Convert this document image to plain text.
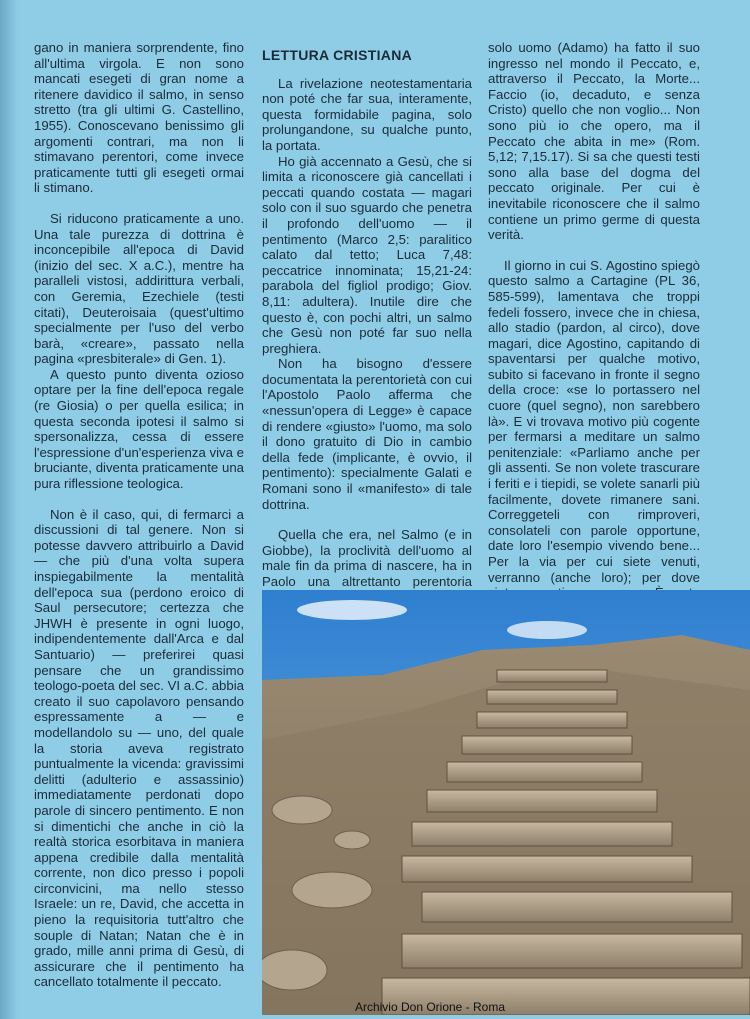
gano in maniera sorprendente, fino all'ultima virgola. E non sono mancati esegeti di gran nome a ritenere davidico il salmo, in senso stretto (tra gli ultimi G. Castellino, 1955). Conoscevano benissimo gli argomenti contrari, ma non li stimavano perentori, come invece praticamente tutti gli esegeti ormai li stimano.

Si riducono praticamente a uno. Una tale purezza di dottrina è inconcepibile all'epoca di David (inizio del sec. X a.C.), mentre ha paralleli vistosi, addirittura verbali, con Geremia, Ezechiele (testi citati), Deuteroisaia (quest'ultimo specialmente per l'uso del verbo barà, «creare», passato nella pagina «presbiterale» di Gen. 1).

A questo punto diventa ozioso optare per la fine dell'epoca regale (re Giosia) o per quella esilica; in questa seconda ipotesi il salmo si spersonalizza, cessa di essere l'espressione d'un'esperienza viva e bruciante, diventa praticamente una pura riflessione teologica.

Non è il caso, qui, di fermarci a discussioni di tal genere. Non si potesse davvero attribuirlo a David — che più d'una volta supera inspiegabilmente la mentalità dell'epoca sua (perdono eroico di Saul persecutore; certezza che JHWH è presente in ogni luogo, indipendentemente dall'Arca e dal Santuario) — preferirei quasi pensare che un grandissimo teologo-poeta del sec. VI a.C. abbia creato il suo capolavoro pensando espressamente a — e modellandolo su — uno, del quale la storia aveva registrato puntualmente la vicenda: gravissimi delitti (adulterio e assassinio) immediatamente perdonati dopo parole di sincero pentimento. E non si dimentichi che anche in ciò la realtà storica esorbitava in maniera appena credibile dalla mentalità corrente, non dico presso i popoli circonvicini, ma nello stesso Israele: un re, David, che accetta in pieno la requisitoria tutt'altro che souple di Natan; Natan che è in grado, mille anni prima di Gesù, di assicurare che il pentimento ha cancellato totalmente il peccato.

LETTURA CRISTIANA

La rivelazione neotestamentaria non poté che far sua, interamente, questa formidabile pagina, solo prolungandone, su qualche punto, la portata.

Ho già accennato a Gesù, che si limita a riconoscere già cancellati i peccati quando costata — magari solo con il suo sguardo che penetra il profondo dell'uomo — il pentimento (Marco 2,5: paralitico calato dal tetto; Luca 7,48: peccatrice innominata; 15,21-24: parabola del figliol prodigo; Giov. 8,11: adultera). Inutile dire che questo è, con pochi altri, un salmo che Gesù non poté far suo nella preghiera.

Non ha bisogno d'essere documentata la perentorietà con cui l'Apostolo Paolo afferma che «nessun'opera di Legge» è capace di rendere «giusto» l'uomo, ma solo il dono gratuito di Dio in cambio della fede (implicante, è ovvio, il pentimento): specialmente Galati e Romani sono il «manifesto» di tale dottrina.

Quella che era, nel Salmo (e in Giobbe), la proclività dell'uomo al male fin da prima di nascere, ha in Paolo una altrettanto perentoria

solo uomo (Adamo) ha fatto il suo ingresso nel mondo il Peccato, e, attraverso il Peccato, la Morte... Faccio (io, decaduto, e senza Cristo) quello che non voglio... Non sono più io che opero, ma il Peccato che abita in me» (Rom. 5,12; 7,15.17). Si sa che questi testi sono alla base del dogma del peccato originale. Per cui è inevitabile riconoscere che il salmo contiene un primo germe di questa verità.

Il giorno in cui S. Agostino spiegò questo salmo a Cartagine (PL 36, 585-599), lamentava che troppi fedeli fossero, invece che in chiesa, allo stadio (pardon, al circo), dove magari, dice Agostino, capitando di spaventarsi per qualche motivo, subito si facevano in fronte il segno della croce: «se lo portassero nel cuore (quel segno), non sarebbero là». E vi trovava motivo più cogente per fermarsi a meditare un salmo penitenziale: «Parliamo anche per gli assenti. Se non volete trascurare i feriti e i tiepidi, se volete sanarli più facilmente, dovete rimanere sani. Correggeteli con rimproveri, consolateli con parole opportune, date loro l'esempio vivendo bene... Per la via per cui siete venuti, verranno (anche loro); per dove

Archivio Don Orione - Roma
